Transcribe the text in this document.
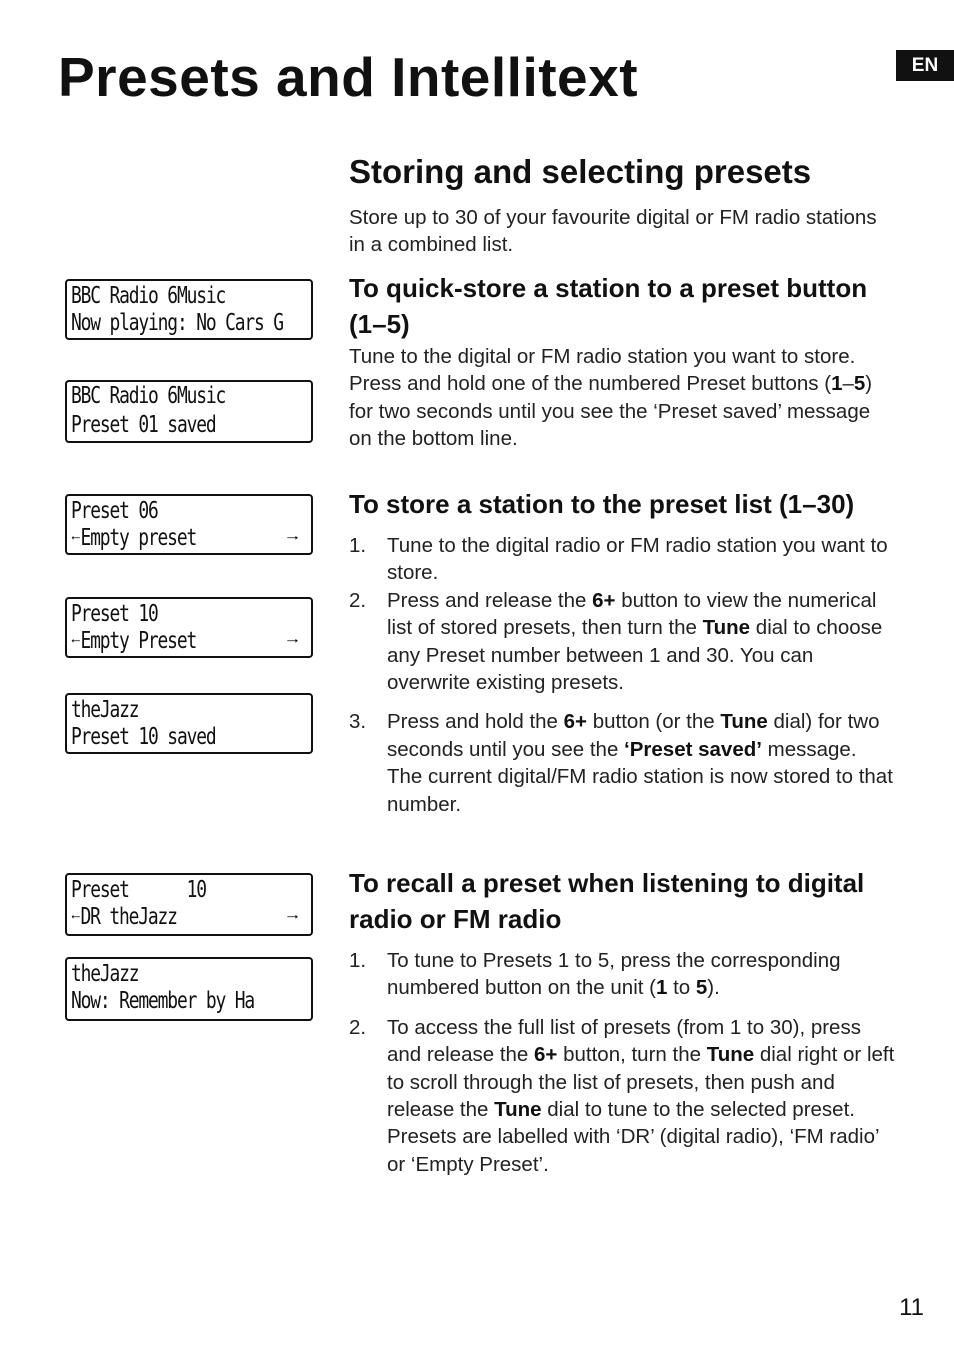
Presets and Intellitext	EN
BBC Radio 6Music
Now playing: No Cars G
BBC Radio 6Music
Preset 01 saved
Preset 06
🠀Empty preset	🠂
Preset 10
🠀Empty Preset	🠂
theJazz
Preset 10 saved
Preset      10
🠀DR theJazz	🠂
theJazz
Now: Remember by Ha
Storing and selecting presets

Store up to 30 of your favourite digital or FM radio stations in a combined list.

To quick-store a station to a preset button (1–5)

Tune to the digital or FM radio station you want to store. Press and hold one of the numbered Preset buttons (1–5) for two seconds until you see the ‘Preset saved’ message on the bottom line.

To store a station to the preset list (1–30)
1.	Tune to the digital radio or FM radio station you want to store.
2.	Press and release the 6+ button to view the numerical list of stored presets, then turn the Tune dial to choose any Preset number between 1 and 30. You can overwrite existing presets.
3.	Press and hold the 6+ button (or the Tune dial) for two seconds until you see the ‘Preset saved’ message. The current digital/FM radio station is now stored to that number.
To recall a preset when listening to digital radio or FM radio
1.	To tune to Presets 1 to 5, press the corresponding numbered button on the unit (1 to 5).
2.	To access the full list of presets (from 1 to 30), press and release the 6+ button, turn the Tune dial right or left to scroll through the list of presets, then push and release the Tune dial to tune to the selected preset. Presets are labelled with ‘DR’ (digital radio), ‘FM radio’ or ‘Empty Preset’.
11
